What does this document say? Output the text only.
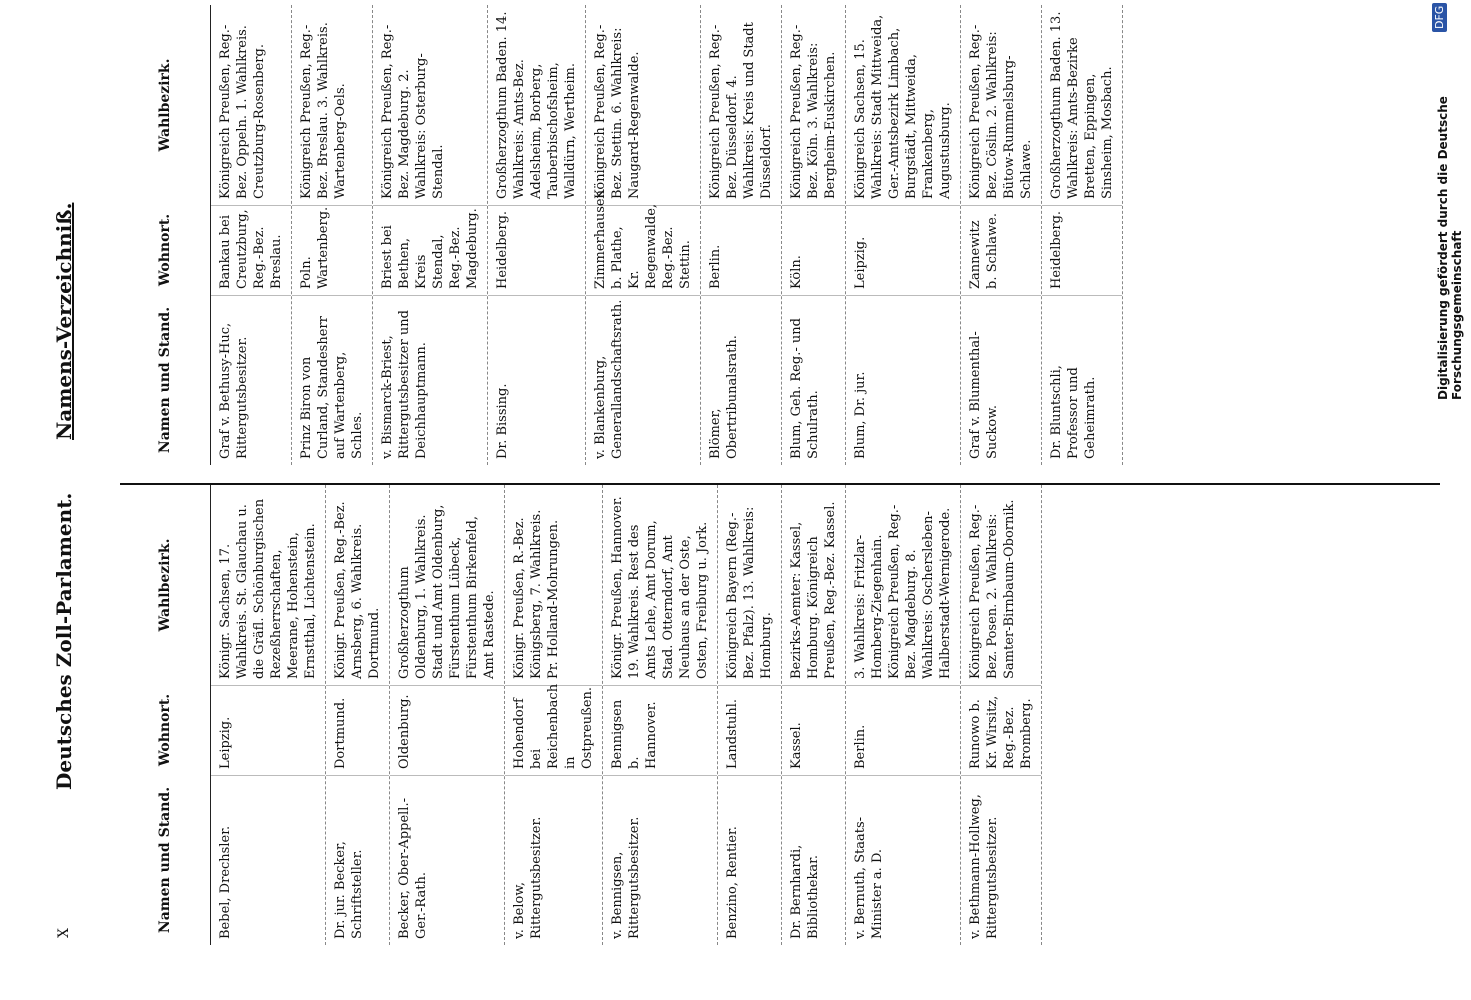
X
Deutsches Zoll-Parlament.
Namens-Verzeichniß.
Namen und Stand.
Wohnort.
Wahlbezirk.
Bebel, Drechsler.
Leipzig.
Königr. Sachsen, 17. Wahlkreis. St. Glauchau u. die Gräfl. Schönburgischen Rezeßherrschaften, Meerane, Hohenstein, Ernstthal, Lichtenstein.
Dr. jur. Becker, Schriftsteller.
Dortmund.
Königr. Preußen, Reg.-Bez. Arnsberg, 6. Wahlkreis. Dortmund.
Becker, Ober-Appell.-Ger.-Rath.
Oldenburg.
Großherzogthum Oldenburg, 1. Wahlkreis. Stadt und Amt Oldenburg, Fürstenthum Lübeck, Fürstenthum Birkenfeld, Amt Rastede.
v. Below, Rittergutsbesitzer.
Hohendorf bei Reichenbach in Ostpreußen.
Königr. Preußen, R.-Bez. Königsberg, 7. Wahlkreis. Pr. Holland-Mohrungen.
v. Bennigsen, Rittergutsbesitzer.
Bennigsen b. Hannover.
Königr. Preußen, Hannover. 19. Wahlkreis. Rest des Amts Lehe, Amt Dorum, Stad. Otterndorf, Amt Neuhaus an der Oste, Osten, Freiburg u. Jork.
Benzino, Rentier.
Landstuhl.
Königreich Bayern (Reg.-Bez. Pfalz). 13. Wahlkreis: Homburg.
Dr. Bernhardi, Bibliothekar.
Kassel.
Bezirks-Aemter: Kassel, Homburg. Königreich Preußen, Reg.-Bez. Kassel.
v. Bernuth, Staats-Minister a. D.
Berlin.
3. Wahlkreis: Fritzlar-Homberg-Ziegenhain. Königreich Preußen, Reg.-Bez. Magdeburg. 8. Wahlkreis: Oschersleben-Halberstadt-Wernigerode.
v. Bethmann-Hollweg, Rittergutsbesitzer.
Runowo b. Kr. Wirsitz, Reg.-Bez. Bromberg.
Königreich Preußen, Reg.-Bez. Posen. 2. Wahlkreis: Samter-Birnbaum-Obornik.
Namen und Stand.
Wohnort.
Wahlbezirk.
Graf v. Bethusy-Huc, Rittergutsbesitzer.
Bankau bei Creutzburg, Reg.-Bez. Breslau.
Königreich Preußen, Reg.-Bez. Oppeln. 1. Wahlkreis. Creutzburg-Rosenberg.
Prinz Biron von Curland, Standesherr auf Wartenberg, Schles.
Poln. Wartenberg.
Königreich Preußen, Reg.-Bez. Breslau. 3. Wahlkreis. Wartenberg-Oels.
v. Bismarck-Briest, Rittergutsbesitzer und Deichhauptmann.
Briest bei Bethen, Kreis Stendal, Reg.-Bez. Magdeburg.
Königreich Preußen, Reg.-Bez. Magdeburg. 2. Wahlkreis: Osterburg-Stendal.
Dr. Bissing.
Heidelberg.
Großherzogthum Baden. 14. Wahlkreis: Amts-Bez. Adelsheim, Borberg, Tauberbischofsheim, Walldürn, Wertheim.
v. Blankenburg, Generallandschaftsrath.
Zimmerhausen b. Plathe, Kr. Regenwalde, Reg.-Bez. Stettin.
Königreich Preußen, Reg.-Bez. Stettin. 6. Wahlkreis: Naugard-Regenwalde.
Blömer, Obertribunalsrath.
Berlin.
Königreich Preußen, Reg.-Bez. Düsseldorf. 4. Wahlkreis: Kreis und Stadt Düsseldorf.
Blum, Geh. Reg.- und Schulrath.
Köln.
Königreich Preußen, Reg.-Bez. Köln. 3. Wahlkreis: Bergheim-Euskirchen.
Blum, Dr. jur.
Leipzig.
Königreich Sachsen, 15. Wahlkreis: Stadt Mittweida, Ger.-Amtsbezirk Limbach, Burgstädt, Mittweida, Frankenberg, Augustusburg.
Graf v. Blumenthal-Suckow.
Zannewitz b. Schlawe.
Königreich Preußen, Reg.-Bez. Cöslin. 2. Wahlkreis: Bütow-Rummelsburg-Schlawe.
Dr. Bluntschli, Professor und Geheimrath.
Heidelberg.
Großherzogthum Baden. 13. Wahlkreis: Amts-Bezirke Bretten, Eppingen, Sinsheim, Mosbach.	Digitalisierung gefördert durch die Deutsche Forschungsgemeinschaft
DFG
